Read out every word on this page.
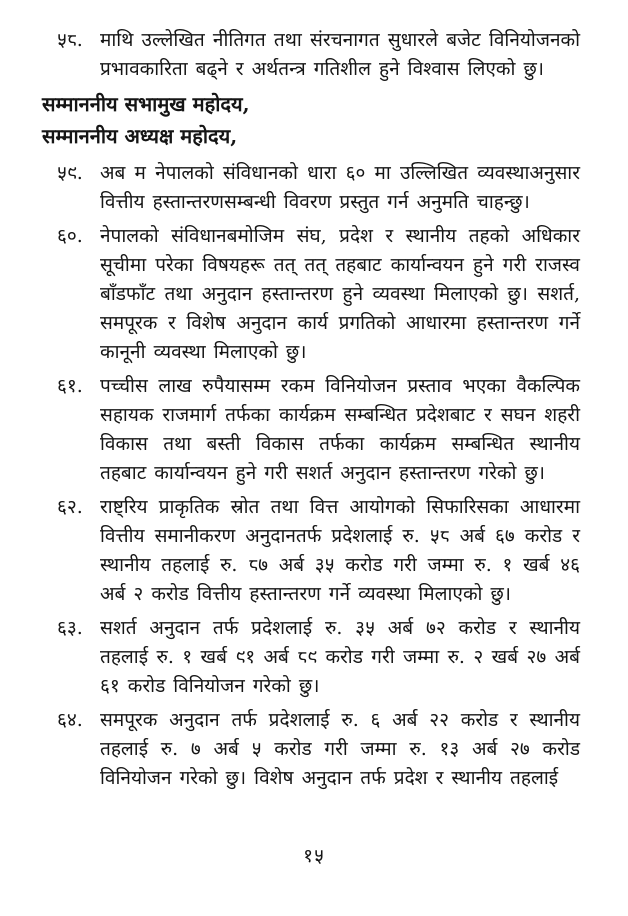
५८. माथि उल्लेखित नीतिगत तथा संरचनागत सुधारले बजेट विनियोजनको प्रभावकारिता बढ्ने र अर्थतन्त्र गतिशील हुने विश्वास लिएको छु।
सम्माननीय सभामुख महोदय,
सम्माननीय अध्यक्ष महोदय,
५९. अब म नेपालको संविधानको धारा ६० मा उल्लिखित व्यवस्थाअनुसार वित्तीय हस्तान्तरणसम्बन्धी विवरण प्रस्तुत गर्न अनुमति चाहन्छु।
६०. नेपालको संविधानबमोजिम संघ, प्रदेश र स्थानीय तहको अधिकार सूचीमा परेका विषयहरू तत् तत् तहबाट कार्यान्वयन हुने गरी राजस्व बाँडफाँट तथा अनुदान हस्तान्तरण हुने व्यवस्था मिलाएको छु। सशर्त, समपूरक र विशेष अनुदान कार्य प्रगतिको आधारमा हस्तान्तरण गर्ने कानूनी व्यवस्था मिलाएको छु।
६१. पच्चीस लाख रुपैयासम्म रकम विनियोजन प्रस्ताव भएका वैकल्पिक सहायक राजमार्ग तर्फका कार्यक्रम सम्बन्धित प्रदेशबाट र सघन शहरी विकास तथा बस्ती विकास तर्फका कार्यक्रम सम्बन्धित स्थानीय तहबाट कार्यान्वयन हुने गरी सशर्त अनुदान हस्तान्तरण गरेको छु।
६२. राष्ट्रिय प्राकृतिक स्रोत तथा वित्त आयोगको सिफारिसका आधारमा वित्तीय समानीकरण अनुदानतर्फ प्रदेशलाई रु. ५८ अर्ब ६७ करोड र स्थानीय तहलाई रु. ८७ अर्ब ३५ करोड गरी जम्मा रु. १ खर्ब ४६ अर्ब २ करोड वित्तीय हस्तान्तरण गर्ने व्यवस्था मिलाएको छु।
६३. सशर्त अनुदान तर्फ प्रदेशलाई रु. ३५ अर्ब ७२ करोड र स्थानीय तहलाई रु. १ खर्ब ९१ अर्ब ८९ करोड गरी जम्मा रु. २ खर्ब २७ अर्ब ६१ करोड विनियोजन गरेको छु।
६४. समपूरक अनुदान तर्फ प्रदेशलाई रु. ६ अर्ब २२ करोड र स्थानीय तहलाई रु. ७ अर्ब ५ करोड गरी जम्मा रु. १३ अर्ब २७ करोड विनियोजन गरेको छु। विशेष अनुदान तर्फ प्रदेश र स्थानीय तहलाई
१५
